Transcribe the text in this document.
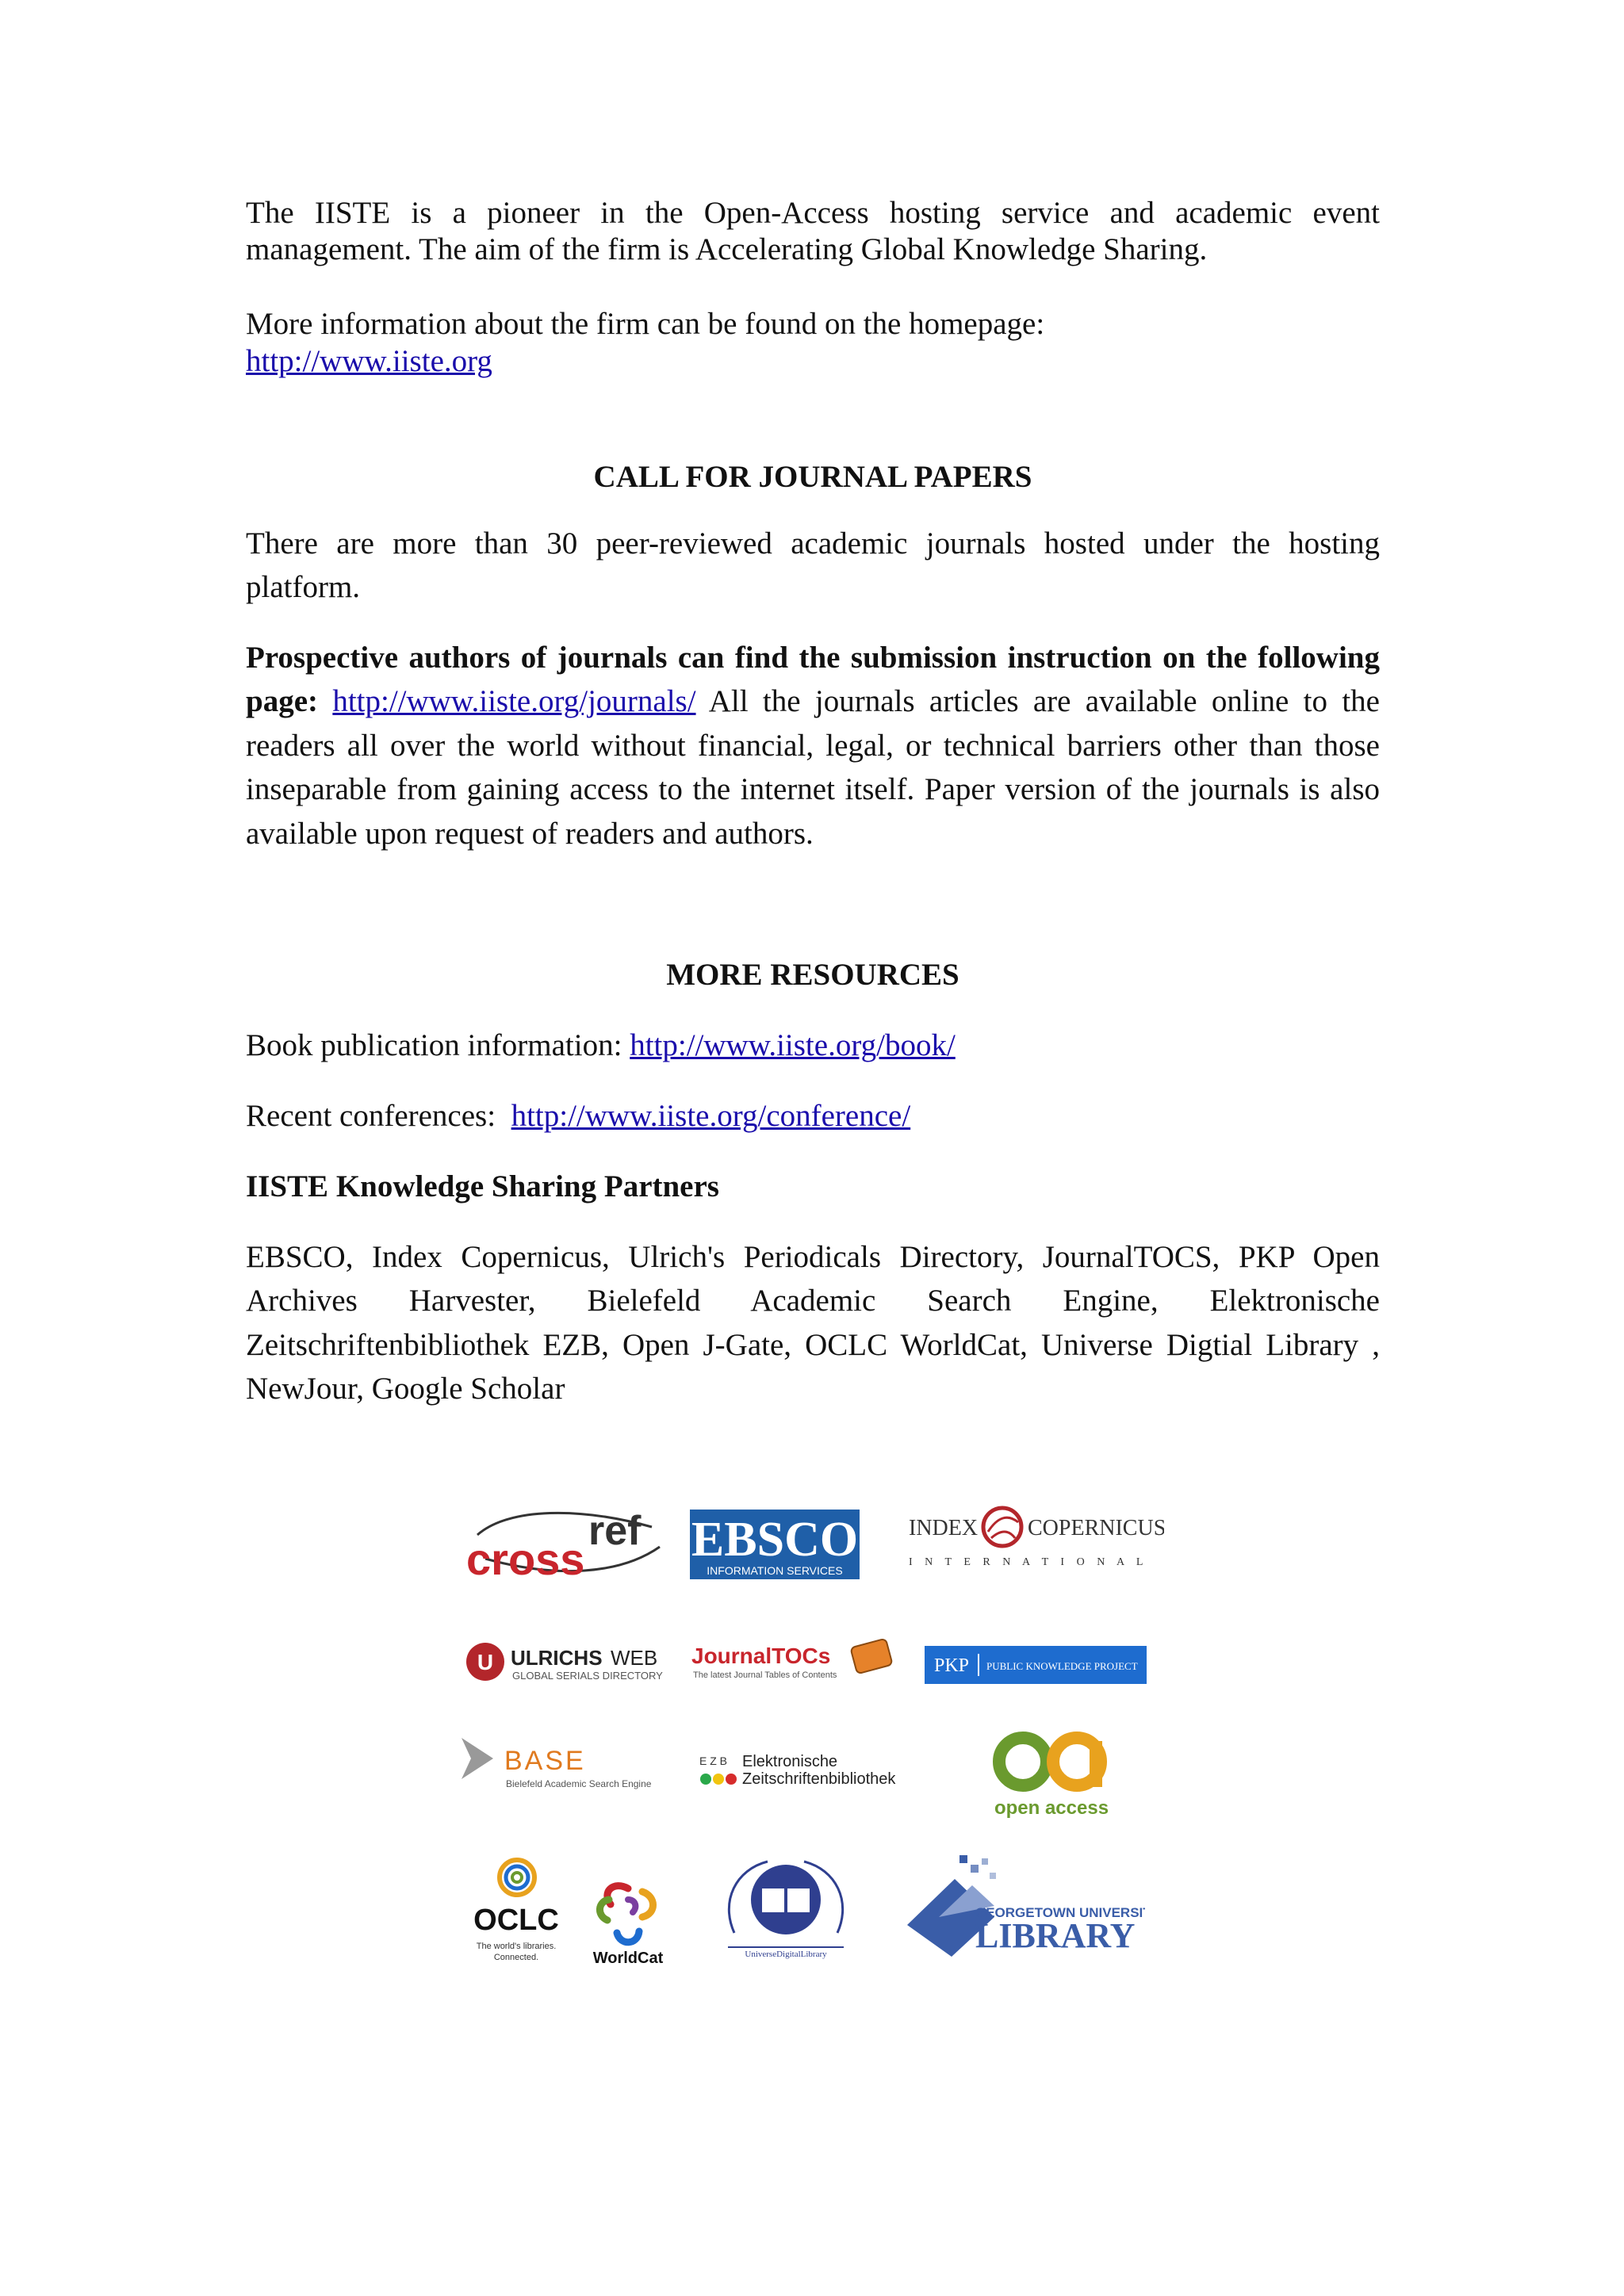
The IISTE is a pioneer in the Open-Access hosting service and academic event management. The aim of the firm is Accelerating Global Knowledge Sharing.

More information about the firm can be found on the homepage:

http://www.iiste.org

CALL FOR JOURNAL PAPERS

There are more than 30 peer-reviewed academic journals hosted under the hosting platform.

Prospective authors of journals can find the submission instruction on the following page: http://www.iiste.org/journals/ All the journals articles are available online to the readers all over the world without financial, legal, or technical barriers other than those inseparable from gaining access to the internet itself. Paper version of the journals is also available upon request of readers and authors.

MORE RESOURCES
Book publication information: http://www.iiste.org/book/
Recent conferences:  http://www.iiste.org/conference/
IISTE Knowledge Sharing Partners
EBSCO, Index Copernicus, Ulrich's Periodicals Directory, JournalTOCS, PKP Open Archives Harvester, Bielefeld Academic Search Engine, Elektronische Zeitschriftenbibliothek EZB, Open J-Gate, OCLC WorldCat, Universe Digtial Library , NewJour, Google Scholar
cross
ref EBSCO
INFORMATION SERVICES
INDEX COPERNICUS
I N T E R N A T I O N A L
U ULRICHS WEB
GLOBAL SERIALS DIRECTORY
JournalTOCs
The latest Journal Tables of Contents	PKP PUBLIC KNOWLEDGE PROJECT
BASE
Bielefeld Academic Search Engine
E Z B Elektronische
Zeitschriftenbibliothek
open access
OCLC
The world's libraries.
Connected.	WorldCat	UniverseDigitalLibrary
GEORGETOWN UNIVERSITY
LIBRARY
